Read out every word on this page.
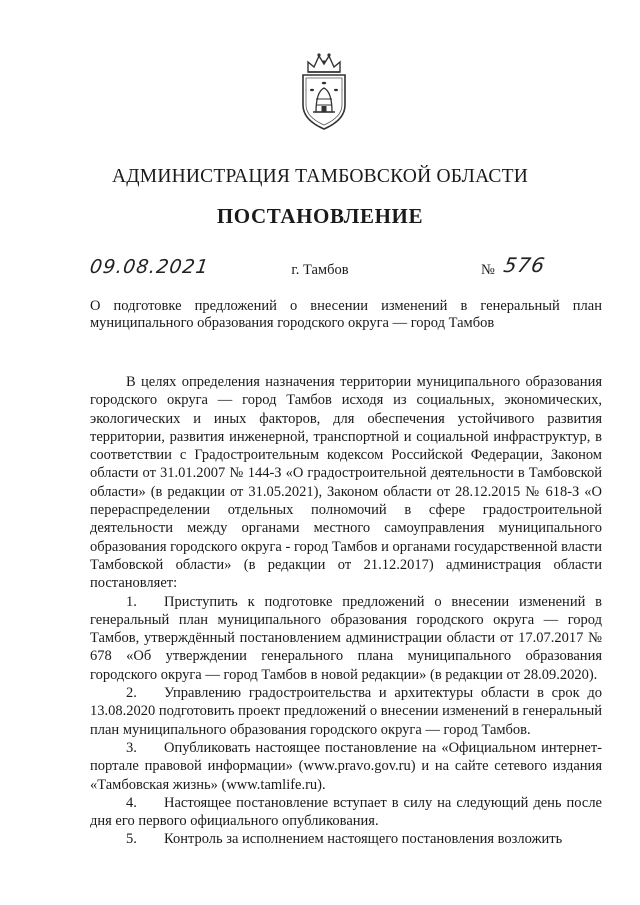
АДМИНИСТРАЦИЯ ТАМБОВСКОЙ ОБЛАСТИ
ПОСТАНОВЛЕНИЕ
09.08.2021	г. Тамбов	№ 576
О подготовке предложений о внесении изменений в генеральный план муниципального образования городского округа — город Тамбов

В целях определения назначения территории муниципального образования городского округа — город Тамбов исходя из социальных, экономических, экологических и иных факторов, для обеспечения устойчивого развития территории, развития инженерной, транспортной и социальной инфраструктур, в соответствии с Градостроительным кодексом Российской Федерации, Законом области от 31.01.2007 № 144-З «О градостроительной деятельности в Тамбовской области» (в редакции от 31.05.2021), Законом области от 28.12.2015 № 618-З «О перераспределении отдельных полномочий в сфере градостроительной деятельности между органами местного самоуправления муниципального образования городского округа - город Тамбов и органами государственной власти Тамбовской области» (в редакции от 21.12.2017) администрация области постановляет:

1. Приступить к подготовке предложений о внесении изменений в генеральный план муниципального образования городского округа — город Тамбов, утверждённый постановлением администрации области от 17.07.2017 № 678 «Об утверждении генерального плана муниципального образования городского округа — город Тамбов в новой редакции» (в редакции от 28.09.2020).

2. Управлению градостроительства и архитектуры области в срок до 13.08.2020 подготовить проект предложений о внесении изменений в генеральный план муниципального образования городского округа — город Тамбов.

3. Опубликовать настоящее постановление на «Официальном интернет-портале правовой информации» (www.pravo.gov.ru) и на сайте сетевого издания «Тамбовская жизнь» (www.tamlife.ru).

4. Настоящее постановление вступает в силу на следующий день после дня его первого официального опубликования.

5. Контроль за исполнением настоящего постановления возложить
